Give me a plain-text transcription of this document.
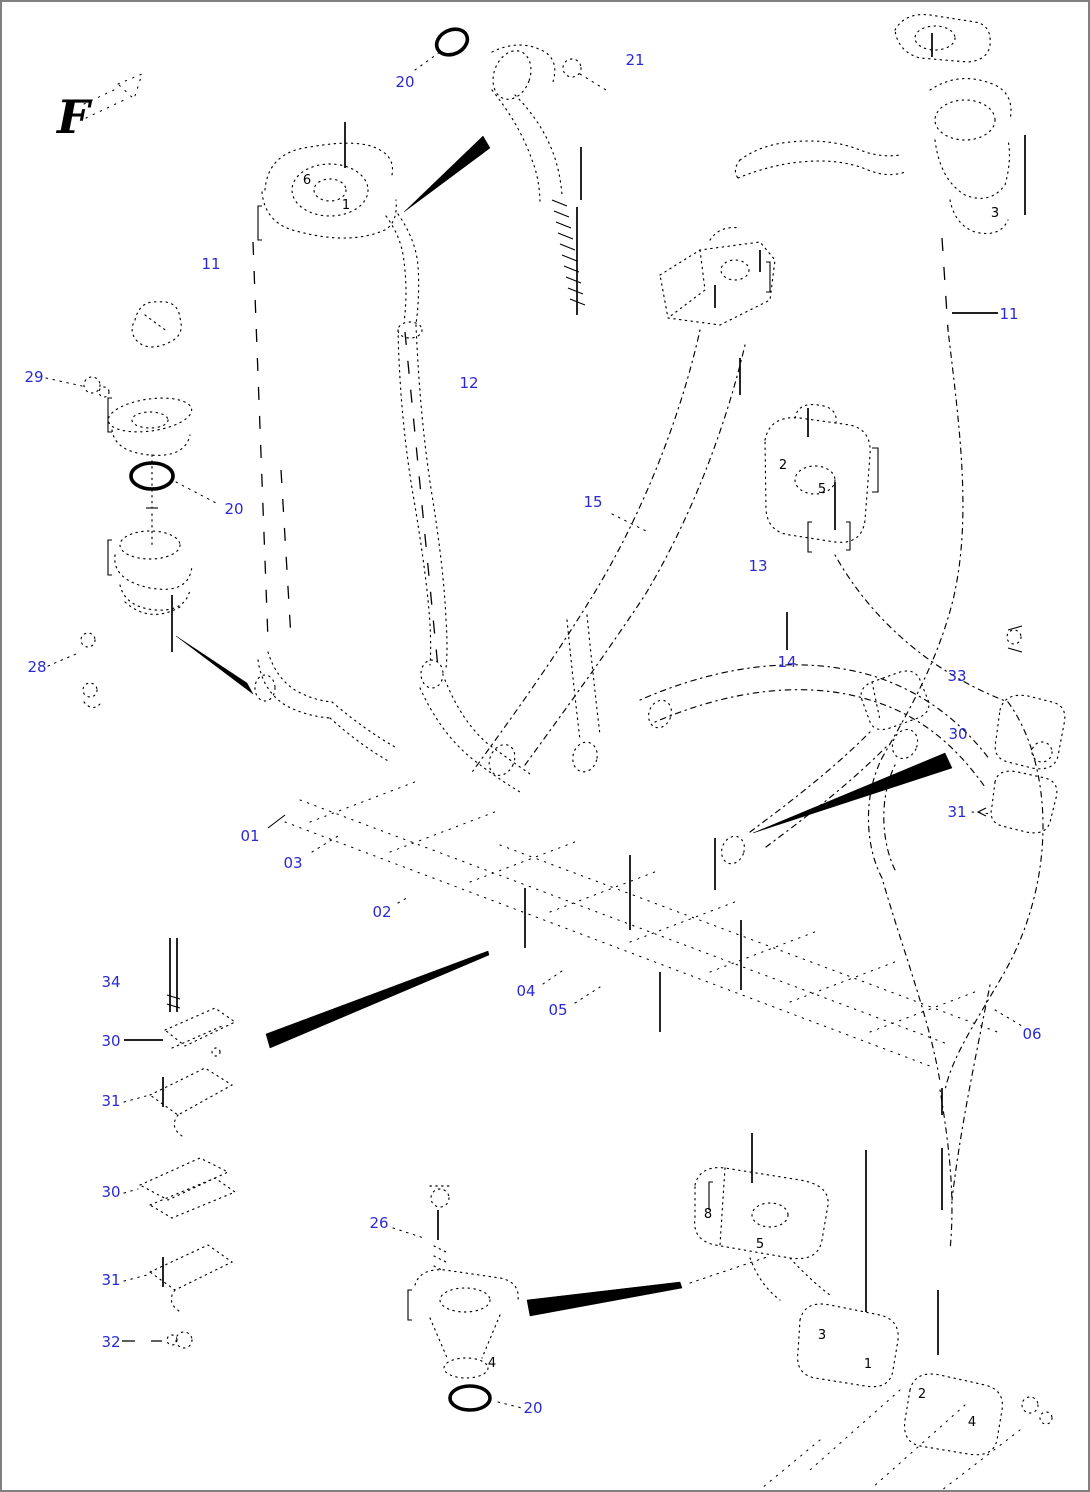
F
20
21
11
11
29
20
28
12
15
13
14
33
30
31
01
03
02
04
05
06
34
30
31
30
31
32
26
20
6
1
3
2
5
8
5
3
1
2
4
4
